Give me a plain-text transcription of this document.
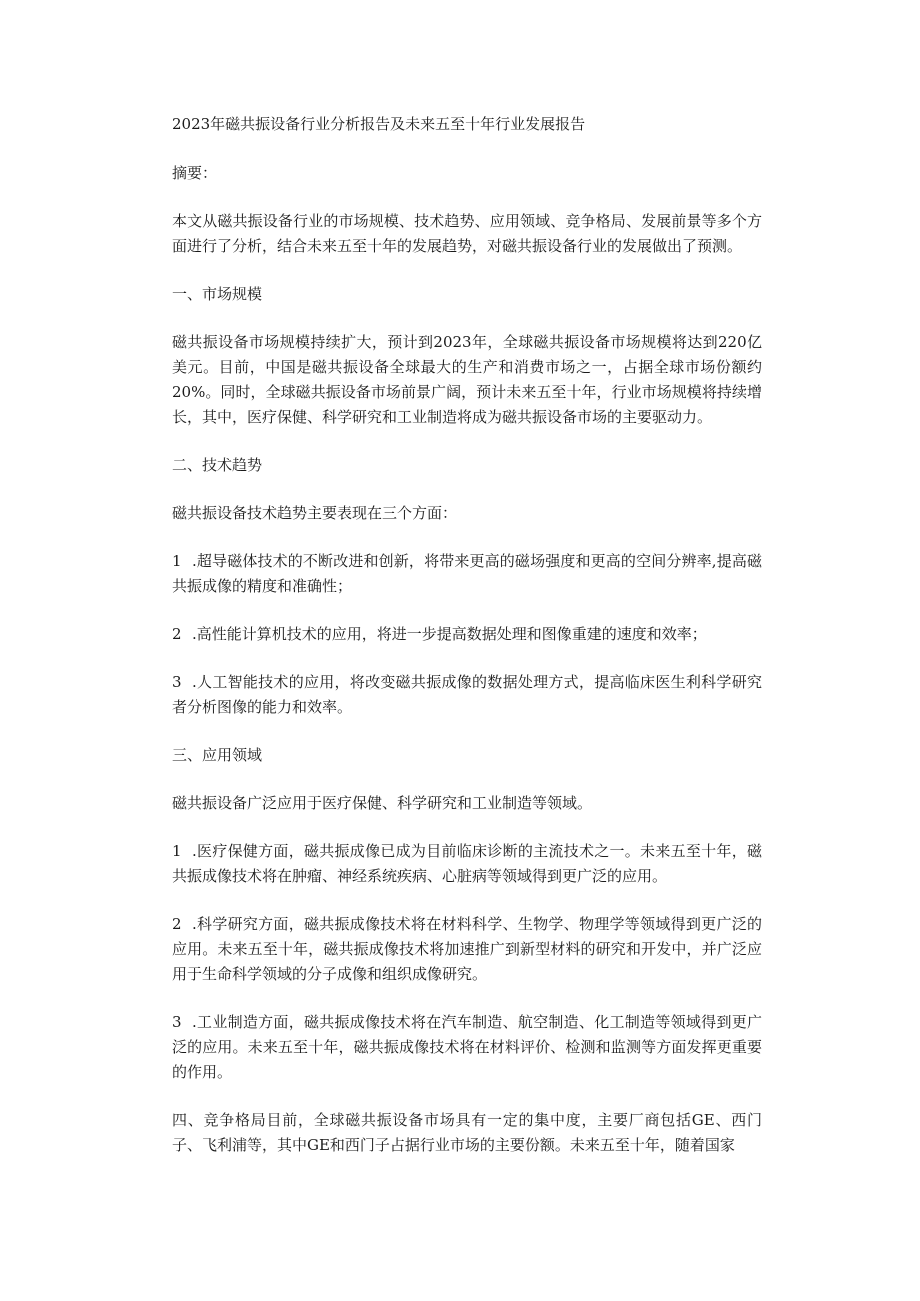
2023年磁共振设备行业分析报告及未来五至十年行业发展报告

摘要：

本文从磁共振设备行业的市场规模、技术趋势、应用领域、竞争格局、发展前景等多个方面进行了分析，结合未来五至十年的发展趋势，对磁共振设备行业的发展做出了预测。

一、市场规模

磁共振设备市场规模持续扩大，预计到2023年，全球磁共振设备市场规模将达到220亿美元。目前，中国是磁共振设备全球最大的生产和消费市场之一，占据全球市场份额约20%。同时，全球磁共振设备市场前景广阔，预计未来五至十年，行业市场规模将持续增长，其中，医疗保健、科学研究和工业制造将成为磁共振设备市场的主要驱动力。

二、技术趋势

磁共振设备技术趋势主要表现在三个方面：

1 .超导磁体技术的不断改进和创新，将带来更高的磁场强度和更高的空间分辨率,提高磁共振成像的精度和准确性；

2 .高性能计算机技术的应用，将进一步提高数据处理和图像重建的速度和效率；

3 .人工智能技术的应用，将改变磁共振成像的数据处理方式，提高临床医生利科学研究者分析图像的能力和效率。

三、应用领域

磁共振设备广泛应用于医疗保健、科学研究和工业制造等领域。

1 .医疗保健方面，磁共振成像已成为目前临床诊断的主流技术之一。未来五至十年，磁共振成像技术将在肿瘤、神经系统疾病、心脏病等领域得到更广泛的应用。

2 .科学研究方面，磁共振成像技术将在材料科学、生物学、物理学等领域得到更广泛的应用。未来五至十年，磁共振成像技术将加速推广到新型材料的研究和开发中，并广泛应用于生命科学领域的分子成像和组织成像研究。

3 .工业制造方面，磁共振成像技术将在汽车制造、航空制造、化工制造等领域得到更广泛的应用。未来五至十年，磁共振成像技术将在材料评价、检测和监测等方面发挥更重要的作用。

四、竞争格局目前，全球磁共振设备市场具有一定的集中度，主要厂商包括GE、西门子、飞利浦等，其中GE和西门子占据行业市场的主要份额。未来五至十年，随着国家
